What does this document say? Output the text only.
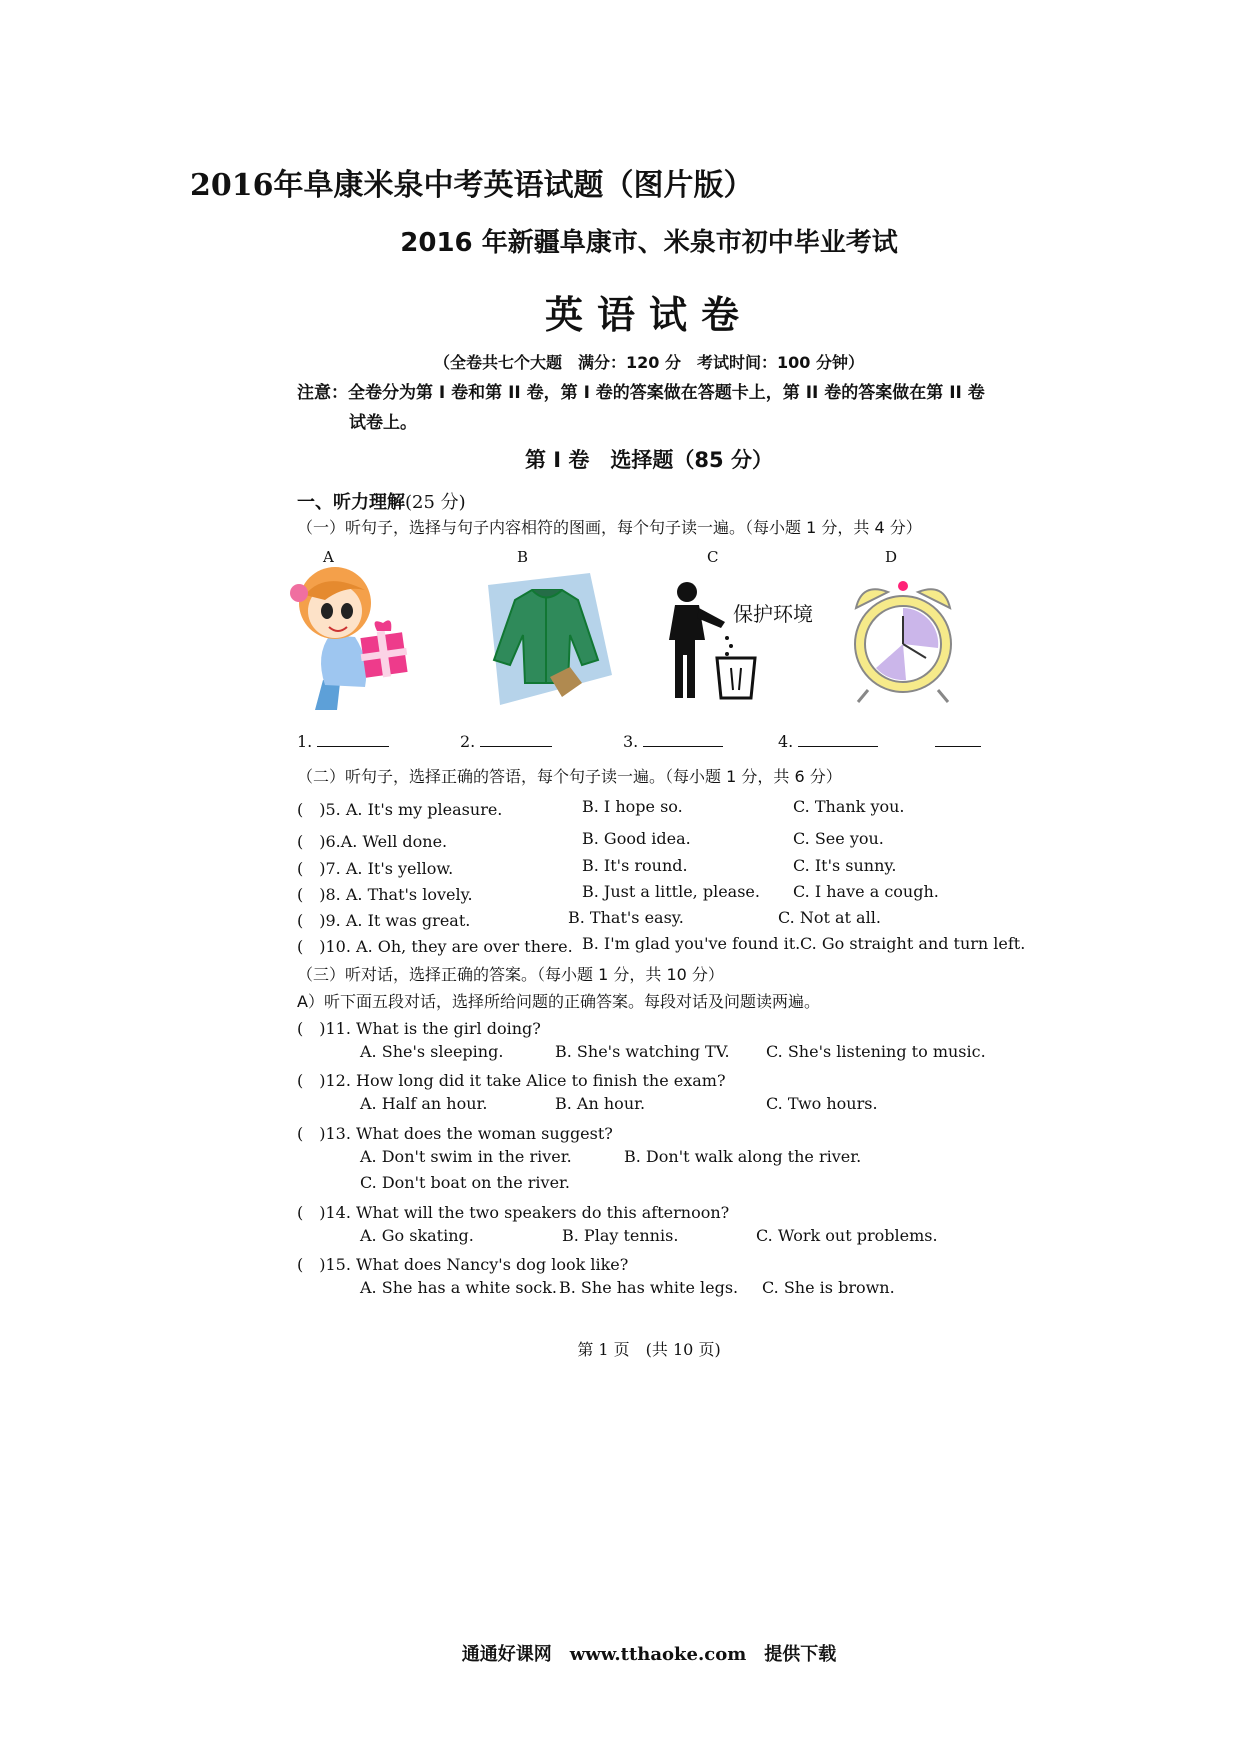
2016年阜康米泉中考英语试题（图片版）
2016 年新疆阜康市、米泉市初中毕业考试
英语试卷
（全卷共七个大题　满分：120 分　考试时间：100 分钟）
注意：全卷分为第 I 卷和第 II 卷，第 I 卷的答案做在答题卡上，第 II 卷的答案做在第 II 卷
试卷上。
第 I 卷　选择题（85 分）
一、听力理解(25 分)
（一）听句子，选择与句子内容相符的图画，每个句子读一遍。（每小题 1 分，共 4 分）
A	B	C	D
保护环境
1.	2.	3.	4.
（二）听句子，选择正确的答语，每个句子读一遍。（每小题 1 分，共 6 分）
(　)5. A. It's my pleasure.	B. I hope so.	C. Thank you.
(　)6.A. Well done.	B. Good idea.	C. See you.
(　)7. A. It's yellow.	B. It's round.	C. It's sunny.
(　)8. A. That's lovely.	B. Just a little, please. C. I have a cough.
(　)9. A. It was great.	B. That's easy.	C. Not at all.
(　)10. A. Oh, they are over there. B. I'm glad you've found it. C. Go straight and turn left.
（三）听对话，选择正确的答案。（每小题 1 分，共 10 分）
A）听下面五段对话，选择所给问题的正确答案。每段对话及问题读两遍。
(　)11. What is the girl doing?
A. She's sleeping.	B. She's watching TV. C. She's listening to music.
(　)12. How long did it take Alice to finish the exam?
A. Half an hour.	B. An hour.	C. Two hours.
(　)13. What does the woman suggest?
A. Don't swim in the river.	B. Don't walk along the river.
C. Don't boat on the river.
(　)14. What will the two speakers do this afternoon?
A. Go skating.	B. Play tennis.	C. Work out problems.
(　)15. What does Nancy's dog look like?
A. She has a white sock. B. She has white legs. C. She is brown.
第 1 页　(共 10 页)
通通好课网　www.tthaoke.com　提供下载
